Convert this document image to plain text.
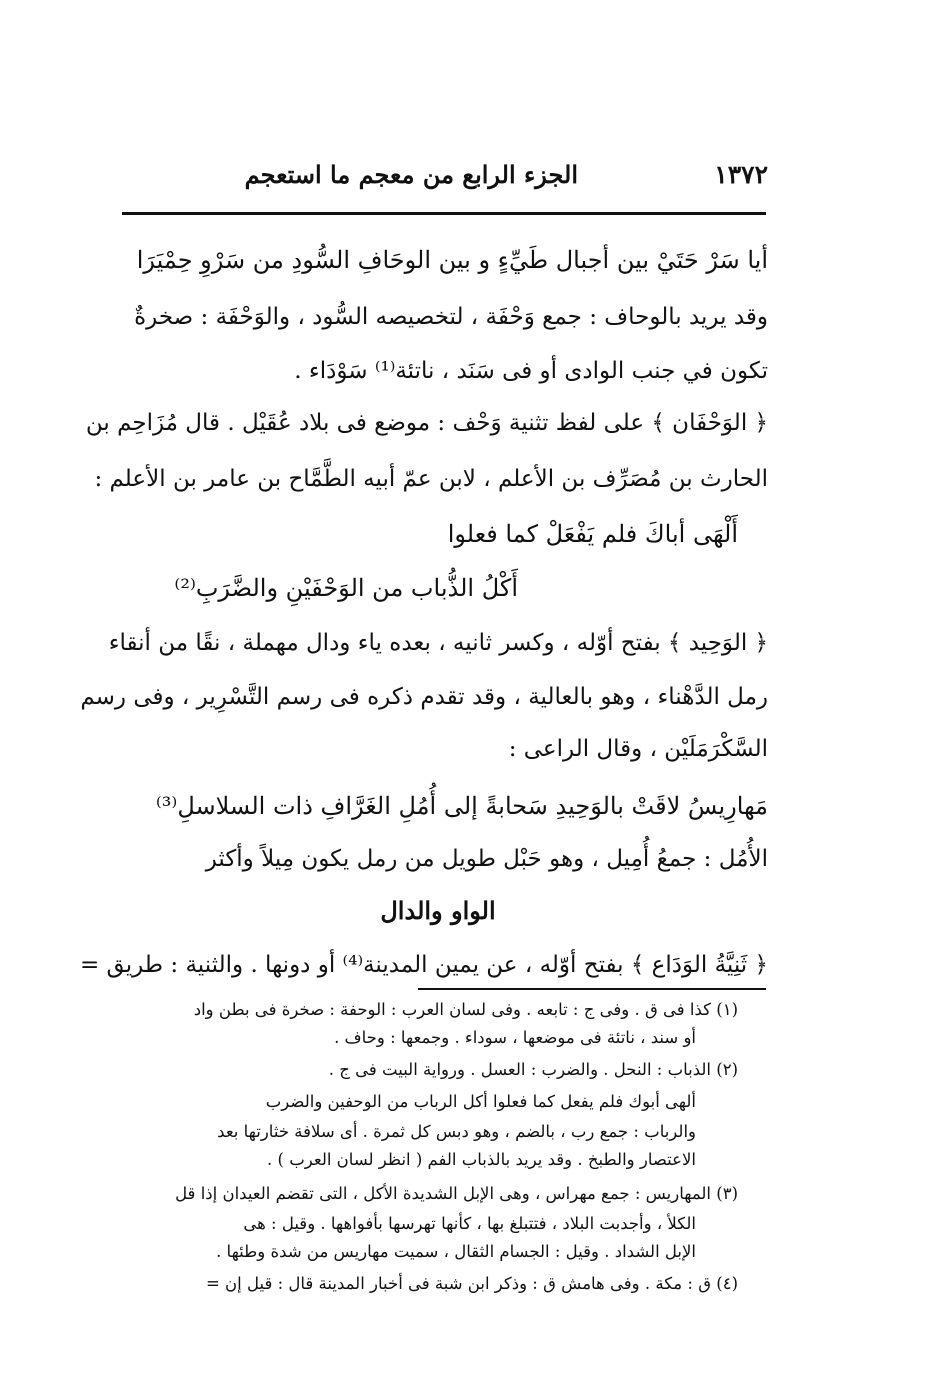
١٣٧٢
الجزء الرابع من معجم ما استعجم
أيا سَرْ حَتَيْ بين أجبال طَيِّءٍ و بين الوحَافِ السُّودِ من سَرْوِ حِمْيَرَا
وقد يريد بالوحاف : جمع وَحْفَة ، لتخصيصه السُّود ، والوَحْفَة : صخرةٌ
تكون في جنب الوادى أو فى سَنَد ، ناتئة⁽¹⁾ سَوْدَاء .
﴿ الوَحْفَان ﴾ على لفظ تثنية وَحْف : موضع فى بلاد عُقَيْل . قال مُزَاحِم بن
الحارث بن مُصَرِّف بن الأعلم ، لابن عمّ أبيه الطَّمَّاح بن عامر بن الأعلم :
أَلْهَى أباكَ فلم يَفْعَلْ كما فعلوا
أَكْلُ الذُّباب من الوَحْفَيْنِ والضَّرَبِ⁽²⁾
﴿ الوَحِيد ﴾ بفتح أوّله ، وكسر ثانيه ، بعده ياء ودال مهملة ، نقًا من أنقاء
رمل الدَّهْناء ، وهو بالعالية ، وقد تقدم ذكره فى رسم التَّسْرِير ، وفى رسم
السَّكْرَمَلَيْن ، وقال الراعى :
مَهارِيسُ لاقَتْ بالوَحِيدِ سَحابةً إلى أُمُلِ الغَرَّافِ ذات السلاسلِ⁽³⁾
الأُمُل : جمعُ أُمِيل ، وهو حَبْل طويل من رمل يكون مِيلاً وأكثر
الواو والدال
﴿ ثَنِيَّةُ الوَدَاع ﴾ بفتح أوّله ، عن يمين المدينة⁽⁴⁾ أو دونها . والثنية : طريق =
(١) كذا فى ق . وفى ج : تابعه . وفى لسان العرب : الوحفة : صخرة فى بطن واد
أو سند ، ناتئة فى موضعها ، سوداء . وجمعها : وحاف .
(٢) الذباب : النحل . والضرب : العسل . ورواية البيت فى ج .
ألهى أبوك فلم يفعل كما فعلوا أكل الرباب من الوحفين والضرب
والرباب : جمع رب ، بالضم ، وهو دبس كل ثمرة . أى سلافة خثارتها بعد
الاعتصار والطبخ . وقد يريد بالذباب الفم ( انظر لسان العرب ) .
(٣) المهاريس : جمع مهراس ، وهى الإبل الشديدة الأكل ، التى تقضم العيدان إذا قل
الكلأ ، وأجدبت البلاد ، فتتبلغ بها ، كأنها تهرسها بأفواهها . وقيل : هى
الإبل الشداد . وقيل : الجسام الثقال ، سميت مهاريس من شدة وطئها .
(٤) ق : مكة . وفى هامش ق : وذكر ابن شبة فى أخبار المدينة قال : قيل إن =
